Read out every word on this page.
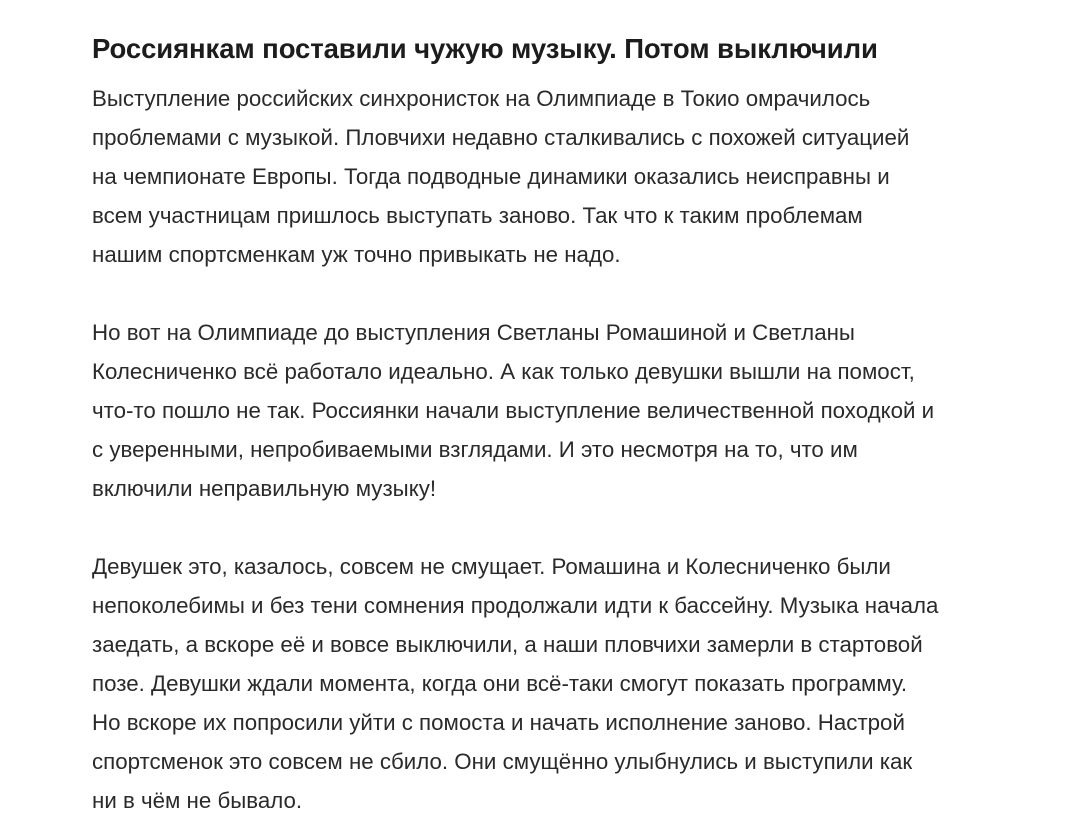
Россиянкам поставили чужую музыку. Потом выключили

Выступление российских синхронисток на Олимпиаде в Токио омрачилось
проблемами с музыкой. Пловчихи недавно сталкивались с похожей ситуацией
на чемпионате Европы. Тогда подводные динамики оказались неисправны и
всем участницам пришлось выступать заново. Так что к таким проблемам
нашим спортсменкам уж точно привыкать не надо.

Но вот на Олимпиаде до выступления Светланы Ромашиной и Светланы
Колесниченко всё работало идеально. А как только девушки вышли на помост,
что-то пошло не так. Россиянки начали выступление величественной походкой и
с уверенными, непробиваемыми взглядами. И это несмотря на то, что им
включили неправильную музыку!

Девушек это, казалось, совсем не смущает. Ромашина и Колесниченко были
непоколебимы и без тени сомнения продолжали идти к бассейну. Музыка начала
заедать, а вскоре её и вовсе выключили, а наши пловчихи замерли в стартовой
позе. Девушки ждали момента, когда они всё-таки смогут показать программу.
Но вскоре их попросили уйти с помоста и начать исполнение заново. Настрой
спортсменок это совсем не сбило. Они смущённо улыбнулись и выступили как
ни в чём не бывало.
